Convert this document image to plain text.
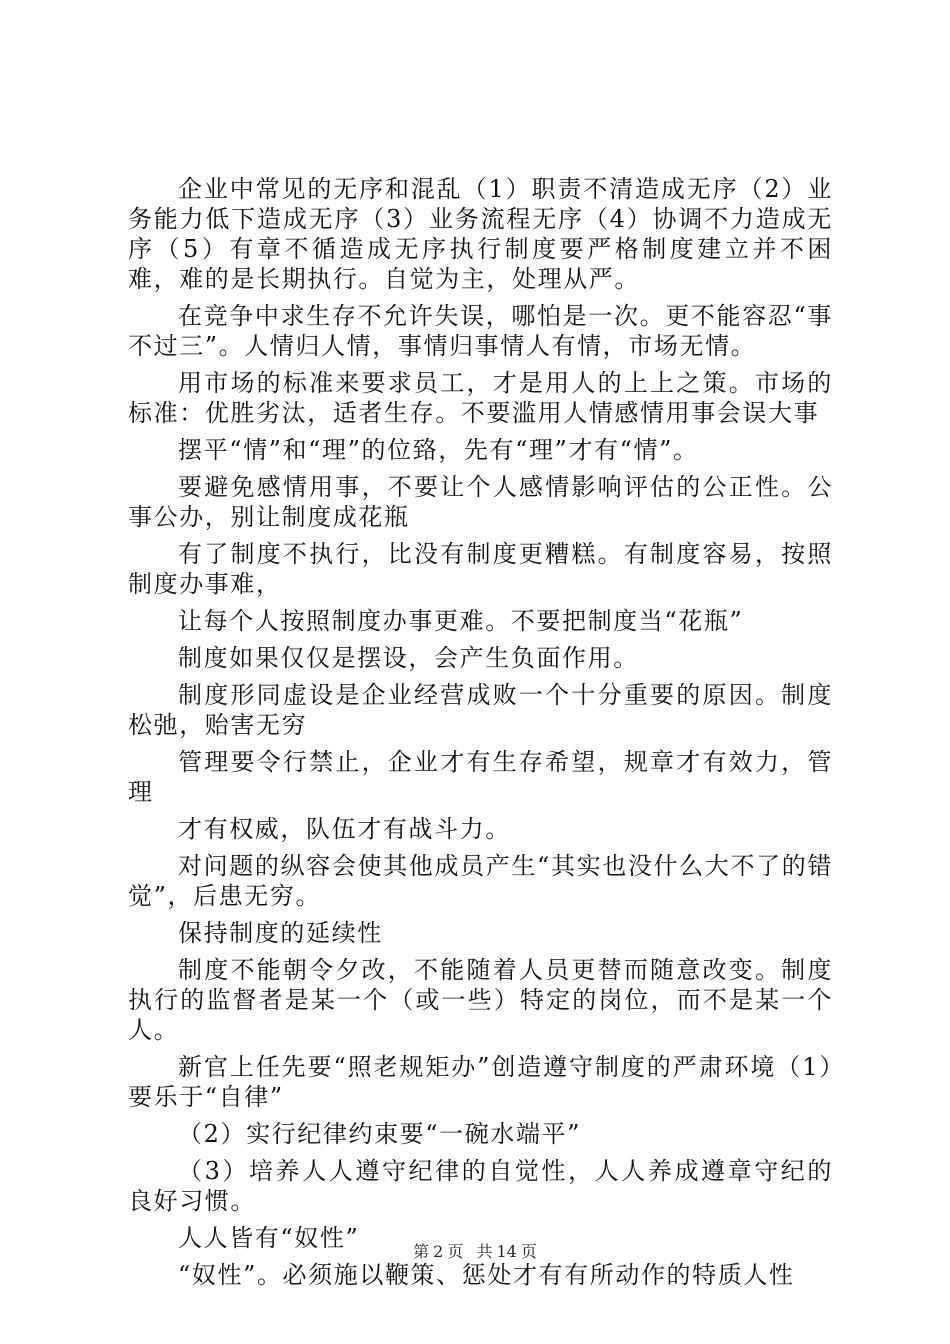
企业中常见的无序和混乱（1）职责不清造成无序（2）业务能力低下造成无序（3）业务流程无序（4）协调不力造成无序（5）有章不循造成无序执行制度要严格制度建立并不困难，难的是长期执行。自觉为主，处理从严。

在竞争中求生存不允许失误，哪怕是一次。更不能容忍“事不过三”。人情归人情，事情归事情人有情，市场无情。

用市场的标准来要求员工，才是用人的上上之策。市场的标准：优胜劣汰，适者生存。不要滥用人情感情用事会误大事

摆平“情”和“理”的位臵，先有“理”才有“情”。

要避免感情用事，不要让个人感情影响评估的公正性。公事公办，别让制度成花瓶

有了制度不执行，比没有制度更糟糕。有制度容易，按照制度办事难，

让每个人按照制度办事更难。不要把制度当“花瓶”

制度如果仅仅是摆设，会产生负面作用。

制度形同虚设是企业经营成败一个十分重要的原因。制度松弛，贻害无穷

管理要令行禁止，企业才有生存希望，规章才有效力，管理

才有权威，队伍才有战斗力。

对问题的纵容会使其他成员产生“其实也没什么大不了的错觉”，后患无穷。

保持制度的延续性

制度不能朝令夕改，不能随着人员更替而随意改变。制度执行的监督者是某一个（或一些）特定的岗位，而不是某一个人。

新官上任先要“照老规矩办”创造遵守制度的严肃环境（1）要乐于“自律”

（2）实行纪律约束要“一碗水端平”

（3）培养人人遵守纪律的自觉性，人人养成遵章守纪的良好习惯。

人人皆有“奴性”

“奴性”。必须施以鞭策、惩处才有有所动作的特质人性

第 2 页 共 14 页
